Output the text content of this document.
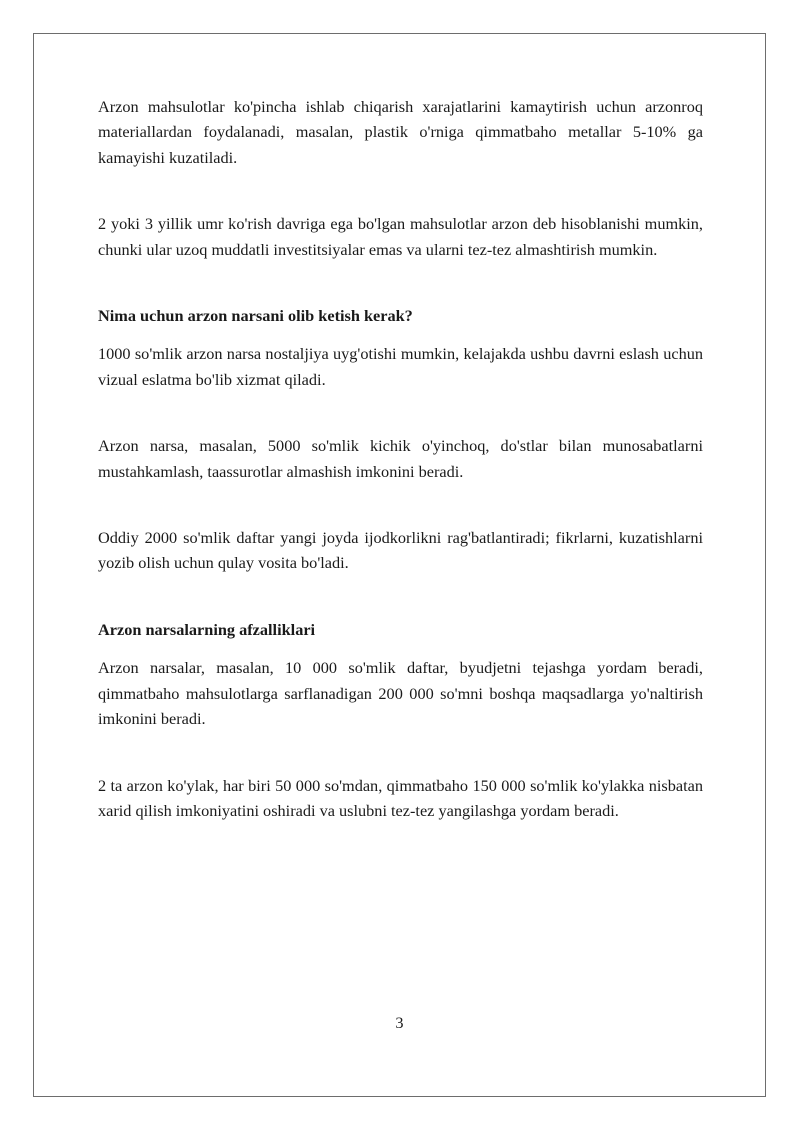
Arzon mahsulotlar ko'pincha ishlab chiqarish xarajatlarini kamaytirish uchun arzonroq materiallardan foydalanadi, masalan, plastik o'rniga qimmatbaho metallar 5-10% ga kamayishi kuzatiladi.

2 yoki 3 yillik umr ko'rish davriga ega bo'lgan mahsulotlar arzon deb hisoblanishi mumkin, chunki ular uzoq muddatli investitsiyalar emas va ularni tez-tez almashtirish mumkin.

Nima uchun arzon narsani olib ketish kerak?

1000 so'mlik arzon narsa nostaljiya uyg'otishi mumkin, kelajakda ushbu davrni eslash uchun vizual eslatma bo'lib xizmat qiladi.

Arzon narsa, masalan, 5000 so'mlik kichik o'yinchoq, do'stlar bilan munosabatlarni mustahkamlash, taassurotlar almashish imkonini beradi.

Oddiy 2000 so'mlik daftar yangi joyda ijodkorlikni rag'batlantiradi; fikrlarni, kuzatishlarni yozib olish uchun qulay vosita bo'ladi.

Arzon narsalarning afzalliklari

Arzon narsalar, masalan, 10 000 so'mlik daftar, byudjetni tejashga yordam beradi, qimmatbaho mahsulotlarga sarflanadigan 200 000 so'mni boshqa maqsadlarga yo'naltirish imkonini beradi.

2 ta arzon ko'ylak, har biri 50 000 so'mdan, qimmatbaho 150 000 so'mlik ko'ylakka nisbatan xarid qilish imkoniyatini oshiradi va uslubni tez-tez yangilashga yordam beradi.

3
